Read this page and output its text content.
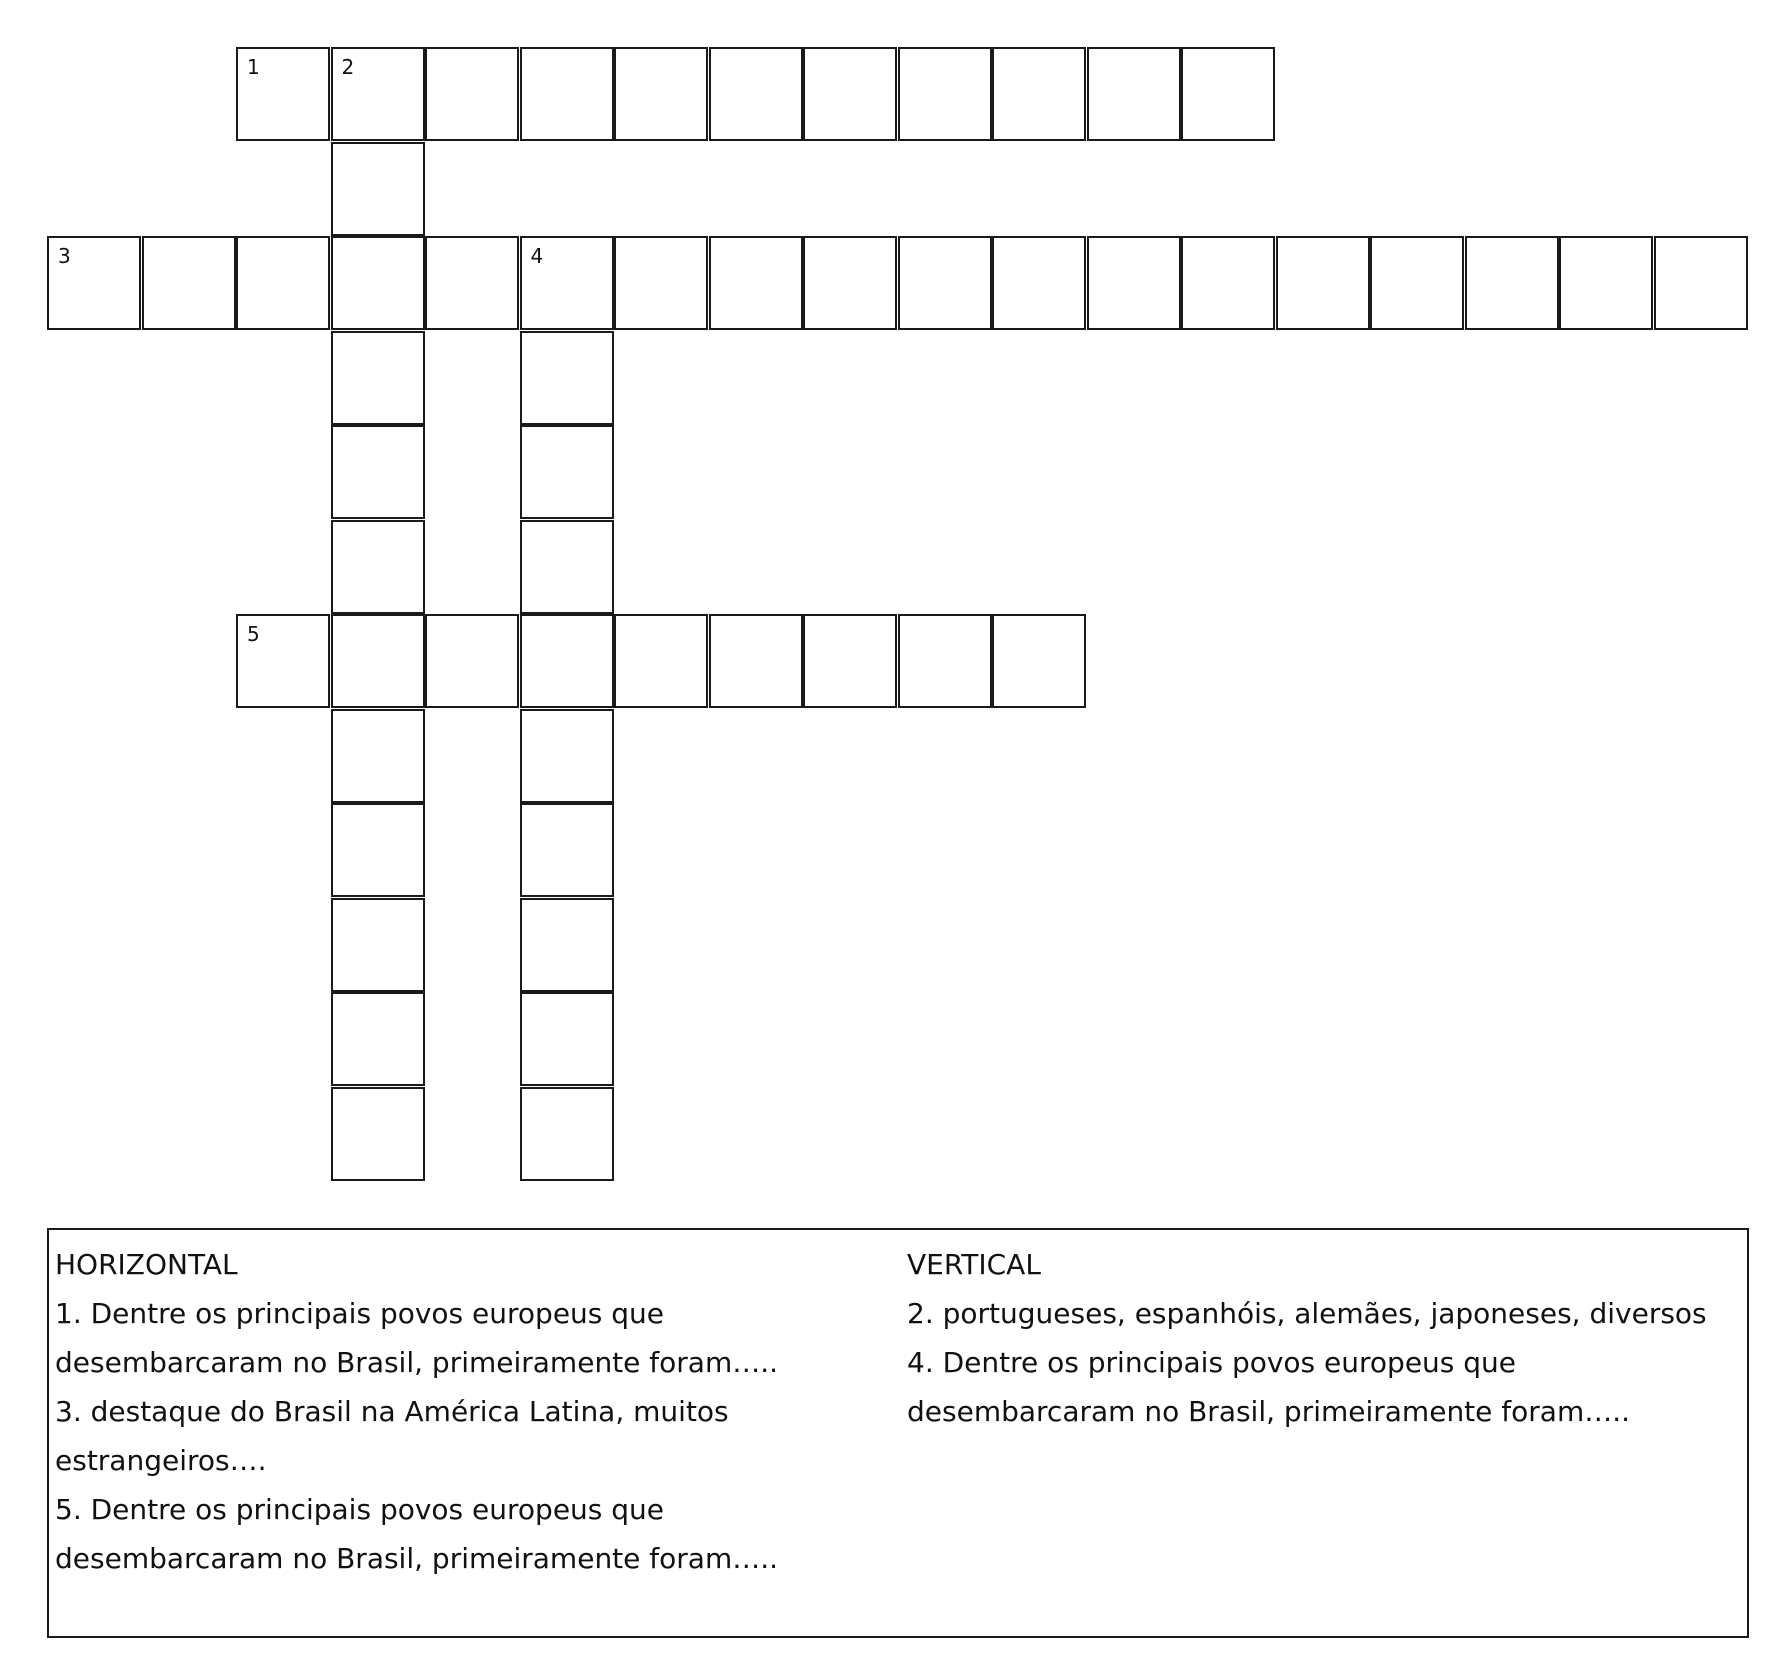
1	2
3	4
5

HORIZONTAL

1. Dentre os principais povos europeus que desembarcaram no Brasil, primeiramente foram…..

3. destaque do Brasil na América Latina, muitos estrangeiros….

5. Dentre os principais povos europeus que desembarcaram no Brasil, primeiramente foram…..

VERTICAL

2. portugueses, espanhóis, alemães, japoneses, diversos

4. Dentre os principais povos europeus que desembarcaram no Brasil, primeiramente foram…..
